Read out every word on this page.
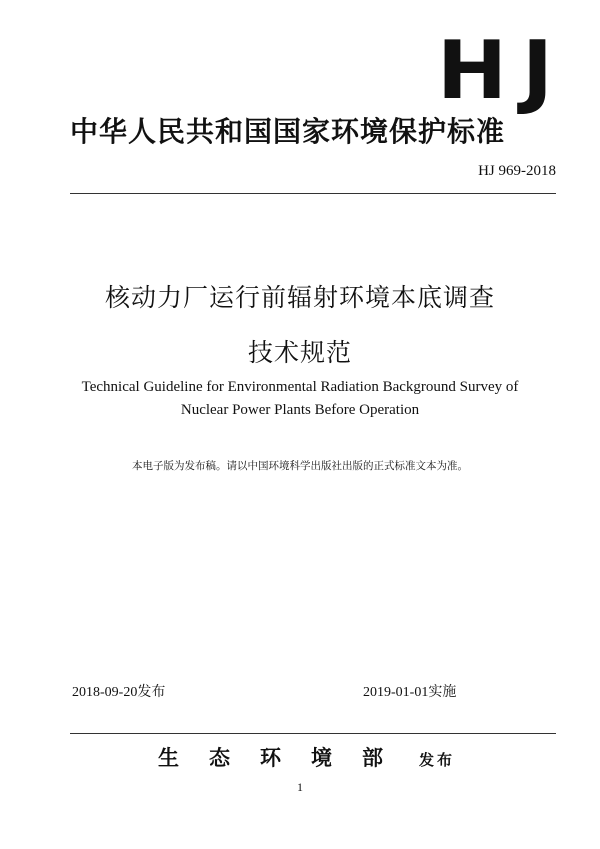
HJ
中华人民共和国国家环境保护标准
HJ 969-2018
核动力厂运行前辐射环境本底调查
技术规范
Technical Guideline for Environmental Radiation Background Survey of
Nuclear Power Plants Before Operation
本电子版为发布稿。请以中国环境科学出版社出版的正式标准文本为准。
2018-09-20发布	2019-01-01实施
生态环境部 发布
1
